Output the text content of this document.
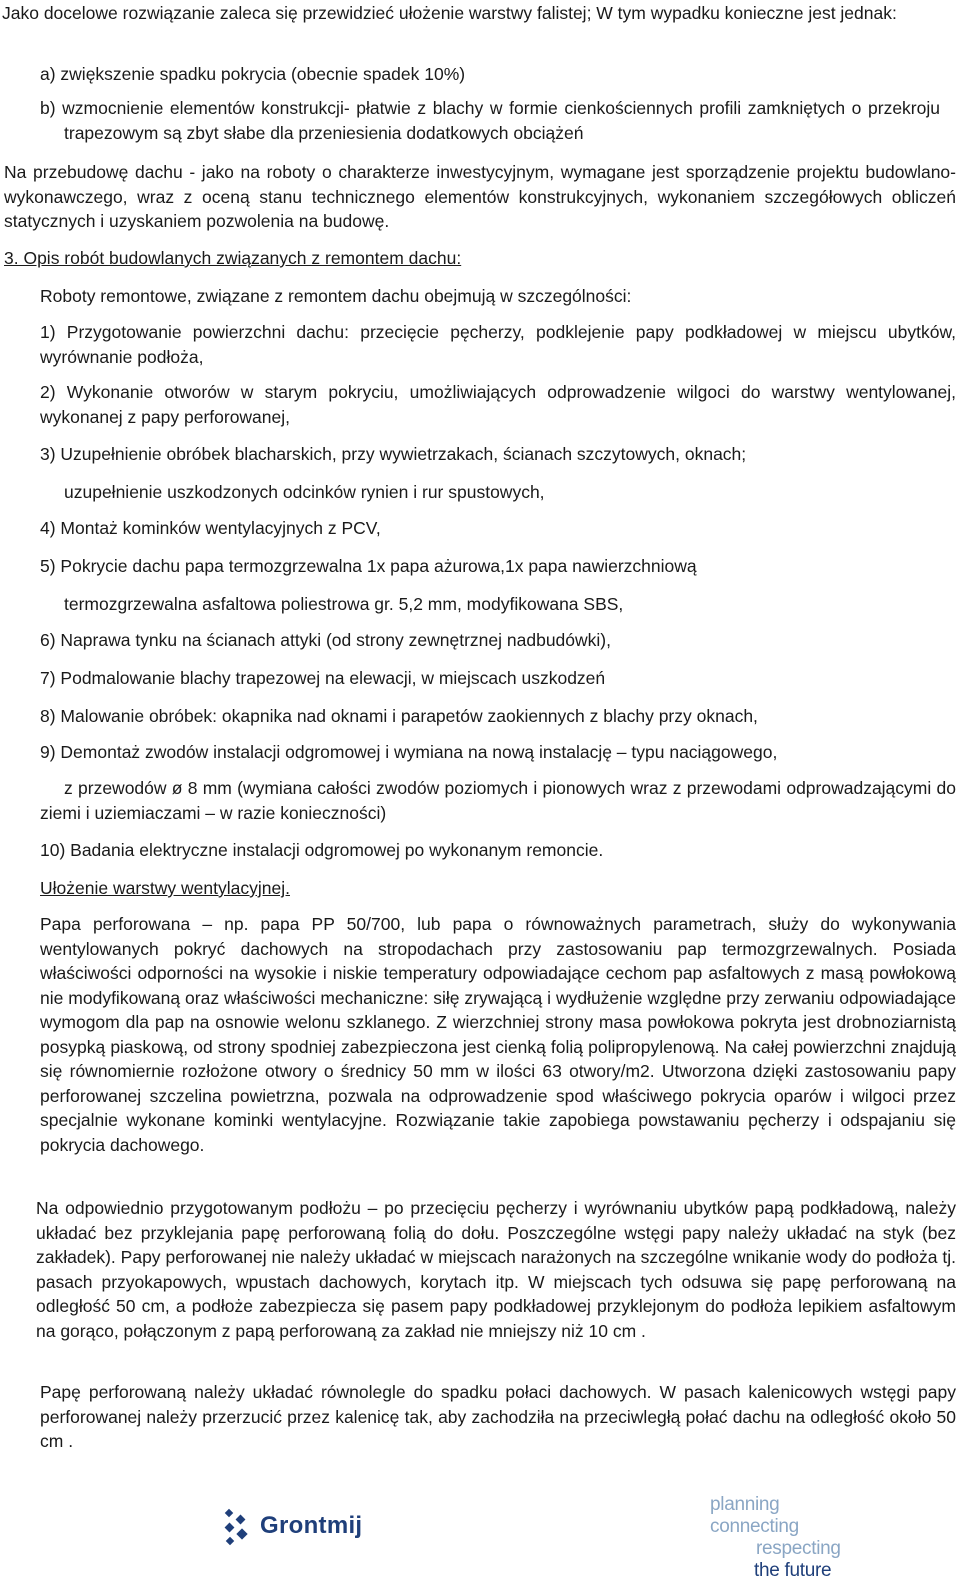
Jako docelowe rozwiązanie zaleca się przewidzieć ułożenie warstwy falistej; W tym wypadku konieczne jest jednak:

a) zwiększenie spadku pokrycia (obecnie spadek 10%)

b) wzmocnienie elementów konstrukcji- płatwie z blachy w formie cienkościennych profili zamkniętych o przekroju trapezowym są zbyt słabe dla przeniesienia dodatkowych obciążeń

Na przebudowę dachu - jako na roboty o charakterze inwestycyjnym, wymagane jest sporządzenie projektu budowlano-wykonawczego, wraz z oceną stanu technicznego elementów konstrukcyjnych, wykonaniem szczegółowych obliczeń statycznych i uzyskaniem pozwolenia na budowę.

3. Opis robót budowlanych związanych z remontem dachu:

Roboty remontowe, związane z remontem dachu obejmują w szczególności:

1) Przygotowanie powierzchni dachu: przecięcie pęcherzy, podklejenie papy podkładowej w miejscu ubytków, wyrównanie podłoża,

2) Wykonanie otworów w starym pokryciu, umożliwiających odprowadzenie wilgoci do warstwy wentylowanej, wykonanej z papy perforowanej,

3) Uzupełnienie obróbek blacharskich, przy wywietrzakach, ścianach szczytowych, oknach;

uzupełnienie uszkodzonych odcinków rynien i rur spustowych,

4) Montaż kominków wentylacyjnych z PCV,

5) Pokrycie dachu papa termozgrzewalna 1x papa ażurowa,1x papa nawierzchniową

termozgrzewalna asfaltowa poliestrowa gr. 5,2 mm, modyfikowana SBS,

6) Naprawa tynku na ścianach attyki (od strony zewnętrznej nadbudówki),

7) Podmalowanie blachy trapezowej na elewacji, w miejscach uszkodzeń

8) Malowanie obróbek: okapnika nad oknami i parapetów zaokiennych z blachy przy oknach,

9) Demontaż zwodów instalacji odgromowej i wymiana na nową instalację – typu naciągowego,

z przewodów ø 8 mm (wymiana całości zwodów poziomych i pionowych wraz z przewodami odprowadzającymi do ziemi i uziemiaczami – w razie konieczności)

10) Badania elektryczne instalacji odgromowej po wykonanym remoncie.

Ułożenie warstwy wentylacyjnej.

Papa perforowana – np. papa PP 50/700, lub papa o równoważnych parametrach, służy do wykonywania wentylowanych pokryć dachowych na stropodachach przy zastosowaniu pap termozgrzewalnych. Posiada właściwości odporności na wysokie i niskie temperatury odpowiadające cechom pap asfaltowych z masą powłokową nie modyfikowaną oraz właściwości mechaniczne: siłę zrywającą i wydłużenie względne przy zerwaniu odpowiadające wymogom dla pap na osnowie welonu szklanego. Z wierzchniej strony masa powłokowa pokryta jest drobnoziarnistą posypką piaskową, od strony spodniej zabezpieczona jest cienką folią polipropylenową. Na całej powierzchni znajdują się równomiernie rozłożone otwory o średnicy 50 mm w ilości 63 otwory/m2. Utworzona dzięki zastosowaniu papy perforowanej szczelina powietrzna, pozwala na odprowadzenie spod właściwego pokrycia oparów i wilgoci przez specjalnie wykonane kominki wentylacyjne. Rozwiązanie takie zapobiega powstawaniu pęcherzy i odspajaniu się pokrycia dachowego.

Na odpowiednio przygotowanym podłożu – po przecięciu pęcherzy i wyrównaniu ubytków papą podkładową, należy układać bez przyklejania papę perforowaną folią do dołu. Poszczególne wstęgi papy należy układać na styk (bez zakładek). Papy perforowanej nie należy układać w miejscach narażonych na szczególne wnikanie wody do podłoża tj. pasach przyokapowych, wpustach dachowych, korytach itp. W miejscach tych odsuwa się papę perforowaną na odległość 50 cm, a podłoże zabezpiecza się pasem papy podkładowej przyklejonym do podłoża lepikiem asfaltowym na gorąco, połączonym z papą perforowaną za zakład nie mniejszy niż 10 cm .

Papę perforowaną należy układać równolegle do spadku połaci dachowych. W pasach kalenicowych wstęgi papy perforowanej należy przerzucić przez kalenicę tak, aby zachodziła na przeciwległą połać dachu na odległość około 50 cm .

Grontmij
planning connecting
respecting
the future
